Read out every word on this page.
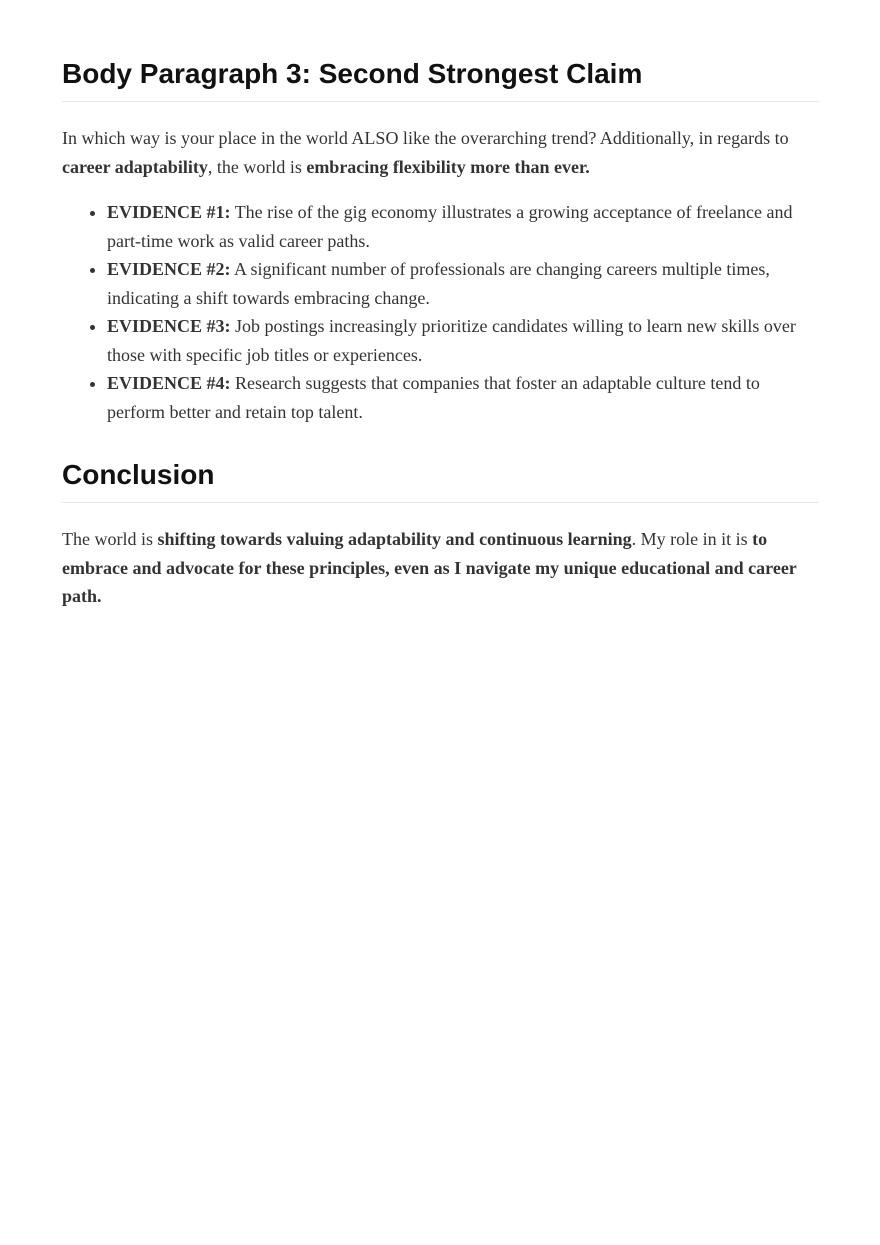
Body Paragraph 3: Second Strongest Claim

In which way is your place in the world ALSO like the overarching trend? Additionally, in regards to career adaptability, the world is embracing flexibility more than ever.

• EVIDENCE #1: The rise of the gig economy illustrates a growing acceptance of freelance and part-time work as valid career paths.
• EVIDENCE #2: A significant number of professionals are changing careers multiple times, indicating a shift towards embracing change.
• EVIDENCE #3: Job postings increasingly prioritize candidates willing to learn new skills over those with specific job titles or experiences.
• EVIDENCE #4: Research suggests that companies that foster an adaptable culture tend to perform better and retain top talent.
Conclusion

The world is shifting towards valuing adaptability and continuous learning. My role in it is to embrace and advocate for these principles, even as I navigate my unique educational and career path.
